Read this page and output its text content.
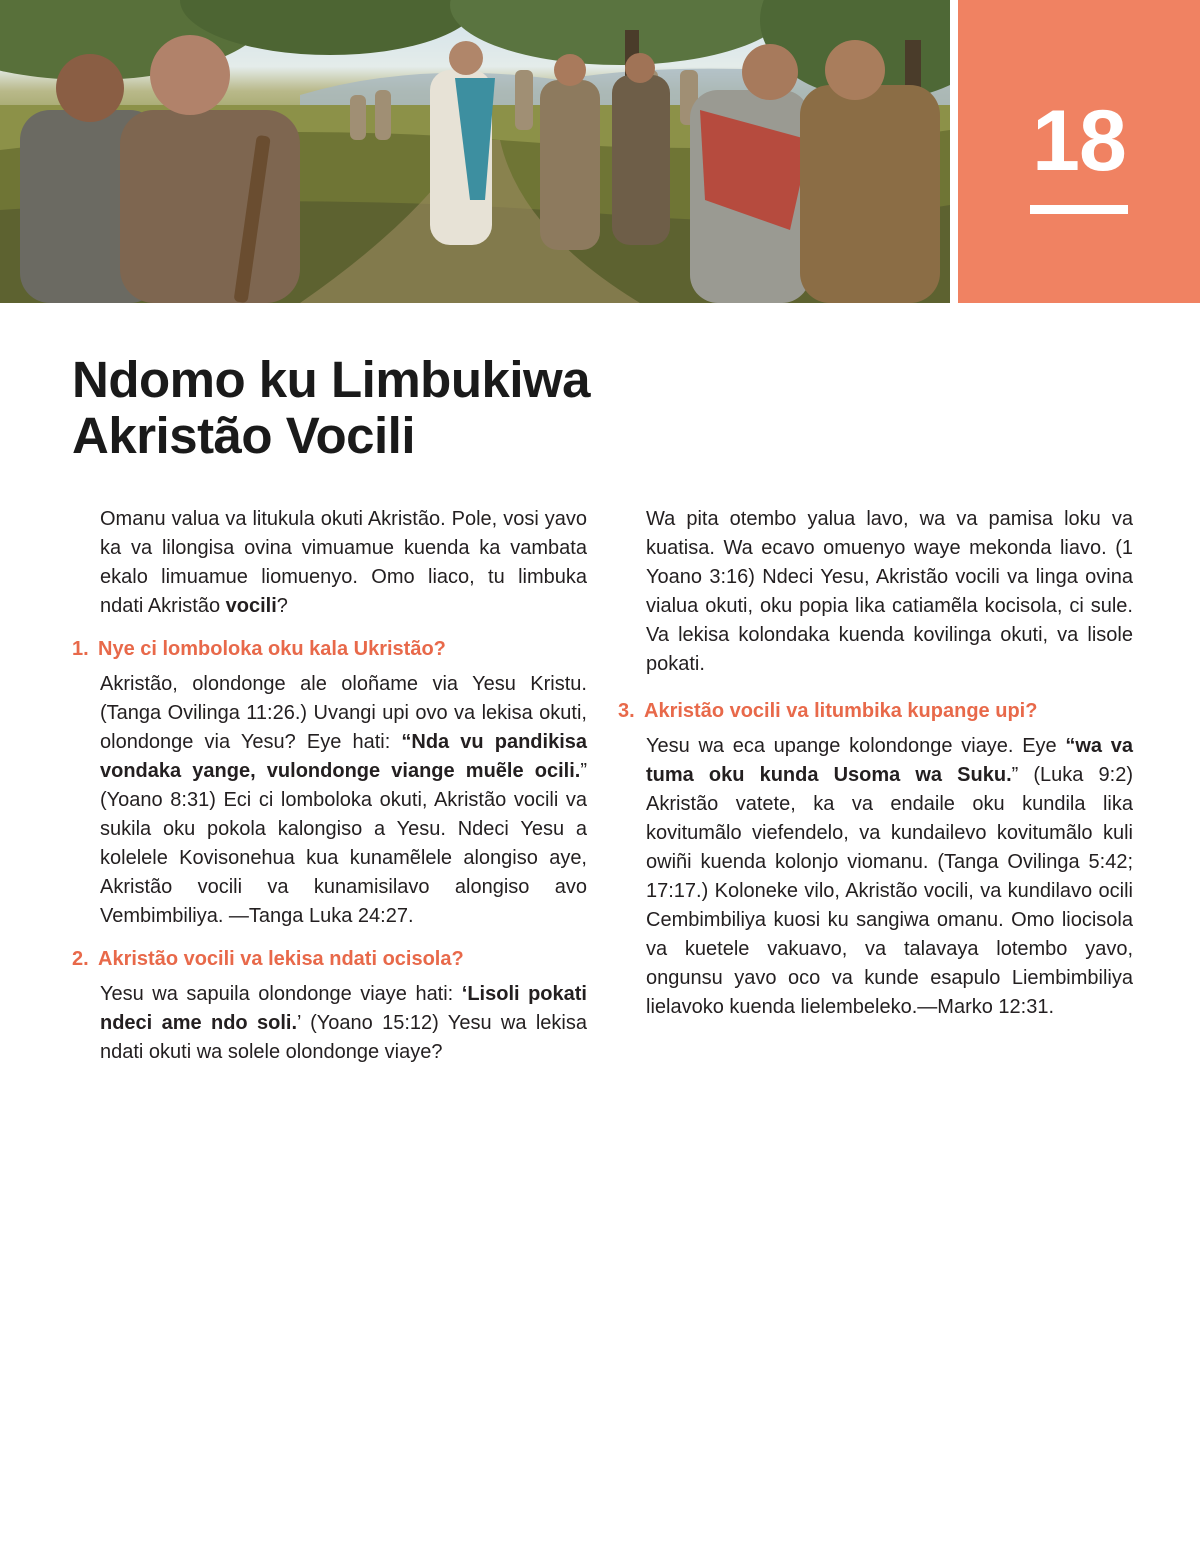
18
Ndomo ku Limbukiwa
Akristão Vocili

Omanu valua va litukula okuti Akristão. Pole, vosi yavo ka va lilongisa ovina vimuamue kuenda ka vambata ekalo limuamue liomuenyo. Omo liaco, tu limbuka ndati Akristão vocili?

1. Nye ci lomboloka oku kala Ukristão?

Akristão, olondonge ale oloñame via Yesu Kristu. (Tanga Ovilinga 11:26.) Uvangi upi ovo va lekisa okuti, olondonge via Yesu? Eye hati: “Nda vu pandikisa vondaka yange, vulondonge viange muẽle ocili.” (Yoano 8:31) Eci ci lomboloka okuti, Akristão vocili va sukila oku pokola kalongiso a Yesu. Ndeci Yesu a kolelele Kovisonehua kua kunamẽlele alongiso aye, Akristão vocili va kunamisilavo alongiso avo Vembimbiliya. —Tanga Luka 24:27.

2. Akristão vocili va lekisa ndati ocisola?

Yesu wa sapuila olondonge viaye hati: ‘Lisoli pokati ndeci ame ndo soli.’ (Yoano 15:12) Yesu wa lekisa ndati okuti wa solele olondonge viaye?

Wa pita otembo yalua lavo, wa va pamisa loku va kuatisa. Wa ecavo omuenyo waye mekonda liavo. (1 Yoano 3:16) Ndeci Yesu, Akristão vocili va linga ovina vialua okuti, oku popia lika catiamẽla kocisola, ci sule. Va lekisa kolondaka kuenda kovilinga okuti, va lisole pokati.

3. Akristão vocili va litumbika kupange upi?

Yesu wa eca upange kolondonge viaye. Eye “wa va tuma oku kunda Usoma wa Suku.” (Luka 9:2) Akristão vatete, ka va endaile oku kundila lika kovitumãlo viefendelo, va kundailevo kovitumãlo kuli owiñi kuenda kolonjo viomanu. (Tanga Ovilinga 5:42; 17:17.) Koloneke vilo, Akristão vocili, va kundilavo ocili Cembimbiliya kuosi ku sangiwa omanu. Omo liocisola va kuetele vakuavo, va talavaya lotembo yavo, ongunsu yavo oco va kunde esapulo Liembimbiliya lielavoko kuenda lielembeleko.—Marko 12:31.
